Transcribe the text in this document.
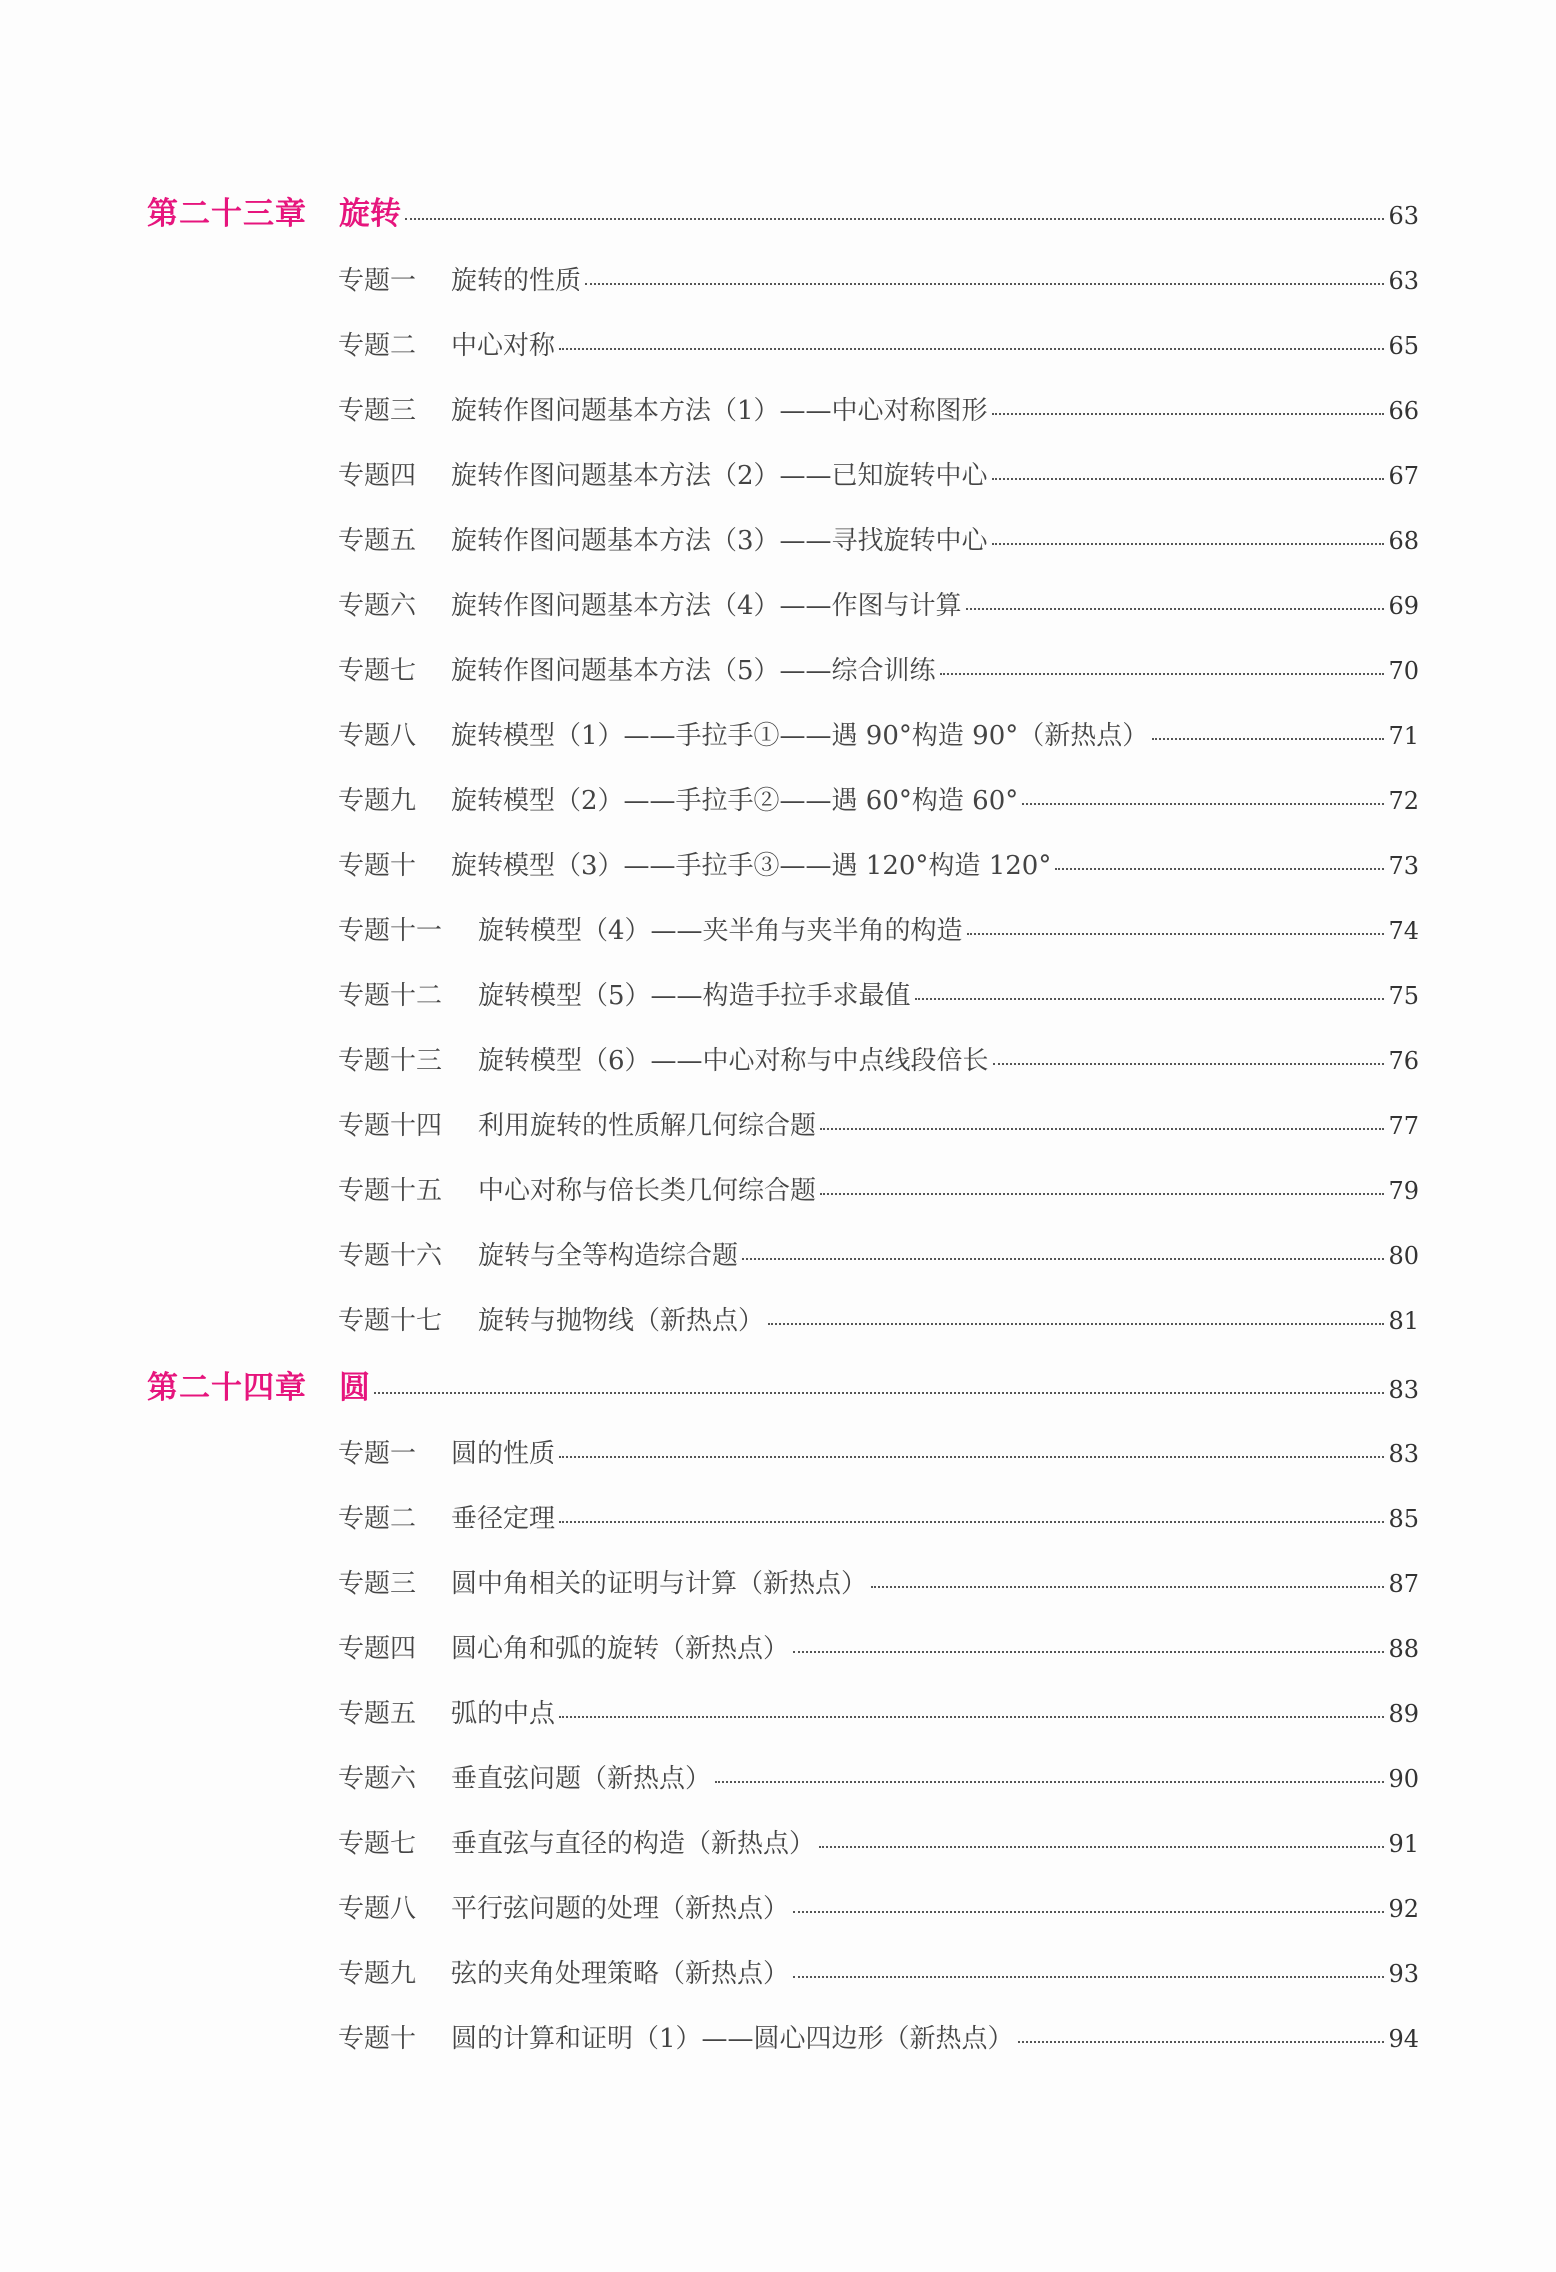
第二十三章 旋转	63
专题一	旋转的性质	63
专题二	中心对称	65
专题三	旋转作图问题基本方法（1）——中心对称图形	66
专题四	旋转作图问题基本方法（2）——已知旋转中心	67
专题五	旋转作图问题基本方法（3）——寻找旋转中心	68
专题六	旋转作图问题基本方法（4）——作图与计算	69
专题七	旋转作图问题基本方法（5）——综合训练	70
专题八	旋转模型（1）——手拉手①——遇 90°构造 90°（新热点）	71
专题九	旋转模型（2）——手拉手②——遇 60°构造 60°	72
专题十	旋转模型（3）——手拉手③——遇 120°构造 120°	73
专题十一	旋转模型（4）——夹半角与夹半角的构造	74
专题十二	旋转模型（5）——构造手拉手求最值	75
专题十三	旋转模型（6）——中心对称与中点线段倍长	76
专题十四	利用旋转的性质解几何综合题	77
专题十五	中心对称与倍长类几何综合题	79
专题十六	旋转与全等构造综合题	80
专题十七	旋转与抛物线（新热点）	81
第二十四章 圆	83
专题一	圆的性质	83
专题二	垂径定理	85
专题三	圆中角相关的证明与计算（新热点）	87
专题四	圆心角和弧的旋转（新热点）	88
专题五	弧的中点	89
专题六	垂直弦问题（新热点）	90
专题七	垂直弦与直径的构造（新热点）	91
专题八	平行弦问题的处理（新热点）	92
专题九	弦的夹角处理策略（新热点）	93
专题十	圆的计算和证明（1）——圆心四边形（新热点）	94
